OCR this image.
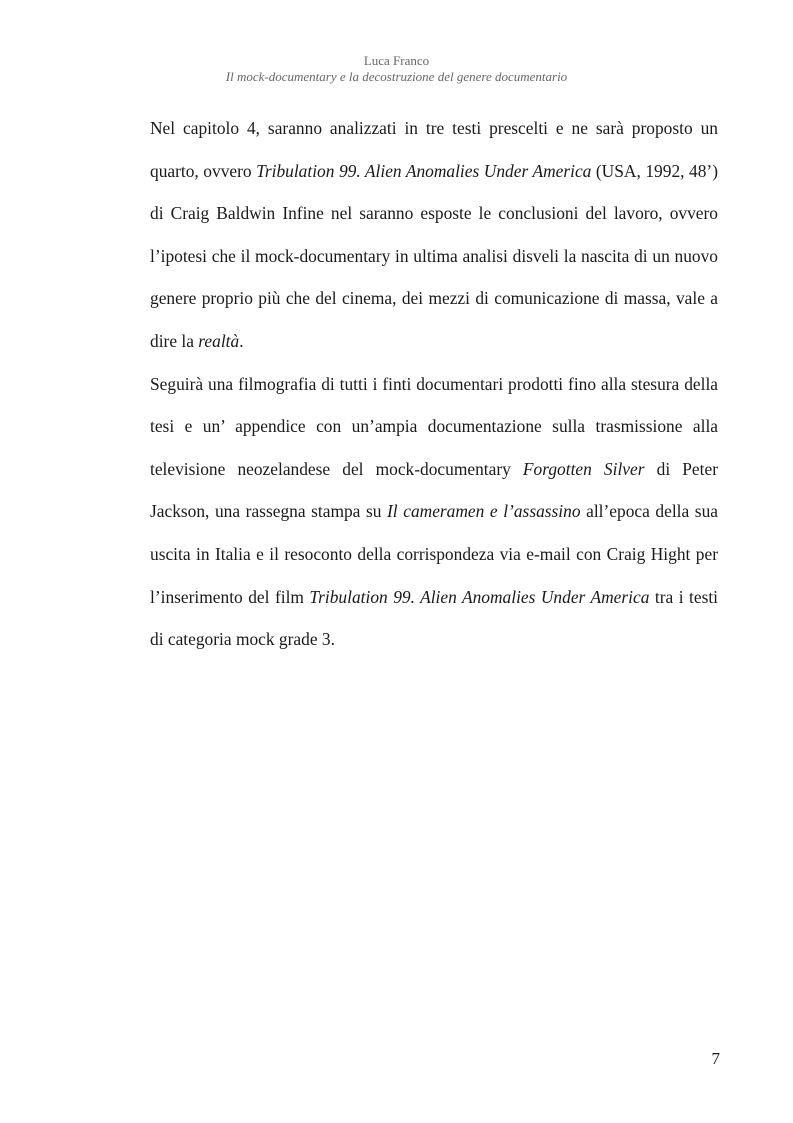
Luca Franco
Il mock-documentary e la decostruzione del genere documentario

Nel capitolo 4, saranno analizzati in tre testi prescelti e ne sarà proposto un quarto, ovvero Tribulation 99. Alien Anomalies Under America (USA, 1992, 48’) di Craig Baldwin Infine nel saranno esposte le conclusioni del lavoro, ovvero l’ipotesi che il mock-documentary in ultima analisi disveli la nascita di un nuovo genere proprio più che del cinema, dei mezzi di comunicazione di massa, vale a dire la realtà.

Seguirà una filmografia di tutti i finti documentari prodotti fino alla stesura della tesi e un’ appendice con un’ampia documentazione sulla trasmissione alla televisione neozelandese del mock-documentary Forgotten Silver di Peter Jackson, una rassegna stampa su Il cameramen e l’assassino all’epoca della sua uscita in Italia e il resoconto della corrispondeza via e-mail con Craig Hight per l’inserimento del film Tribulation 99. Alien Anomalies Under America tra i testi di categoria mock grade 3.

7
